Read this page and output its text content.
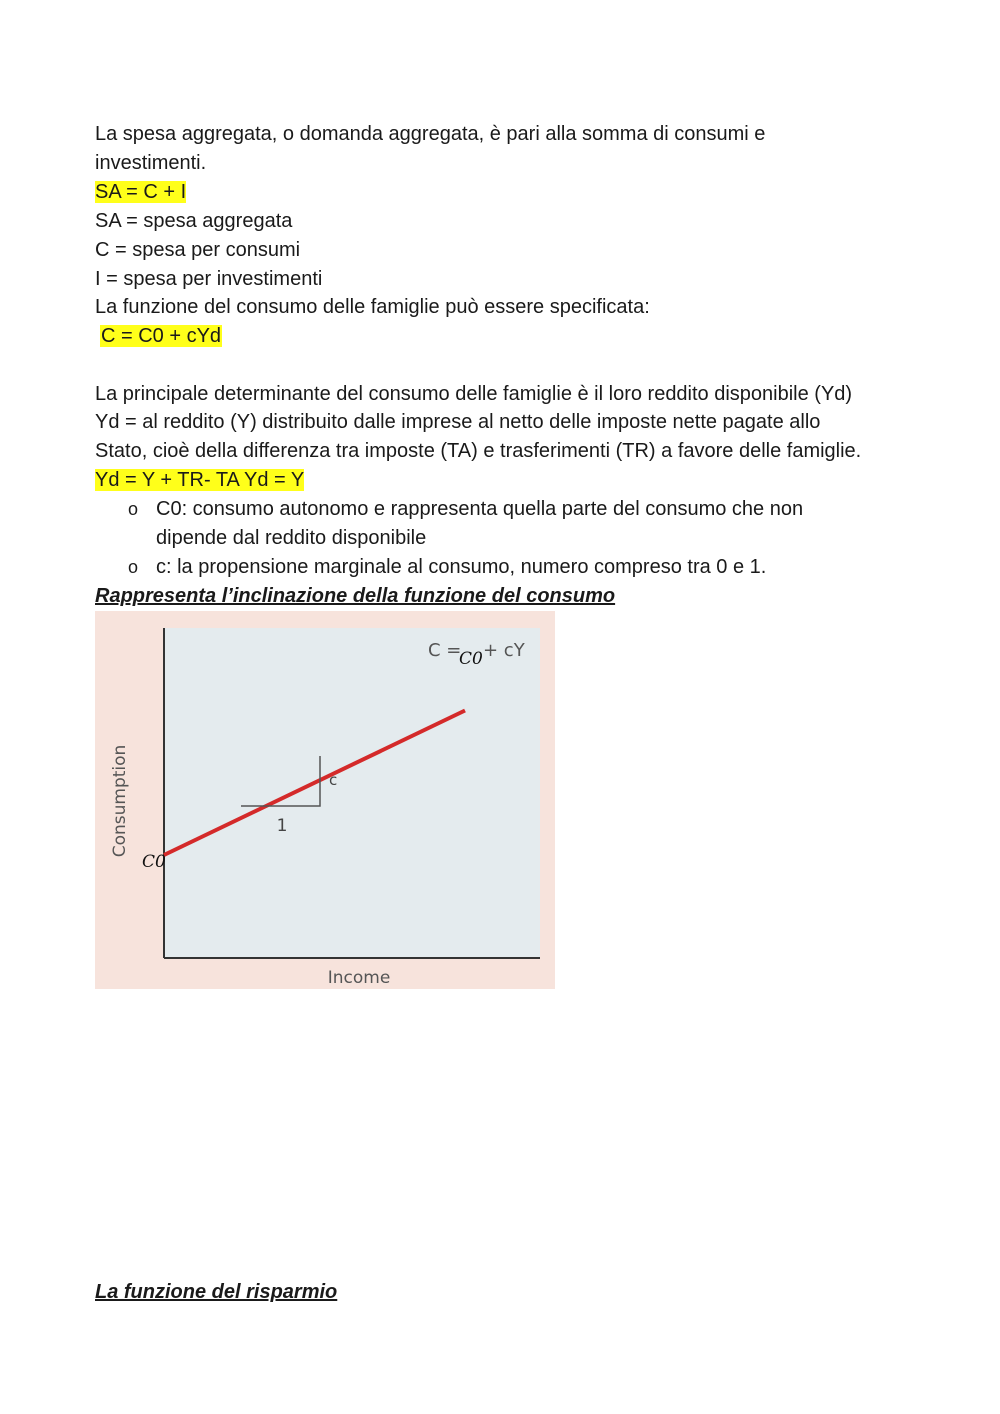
La spesa aggregata, o domanda aggregata, è pari alla somma di consumi e

investimenti.

SA = C + I

SA = spesa aggregata

C = spesa per consumi

I = spesa per investimenti

La funzione del consumo delle famiglie può essere specificata:

C = C0 + cYd

La principale determinante del consumo delle famiglie è il loro reddito disponibile (Yd)

Yd = al reddito (Y) distribuito dalle imprese al netto delle imposte nette pagate allo

Stato, cioè della differenza tra imposte (TA) e trasferimenti (TR) a favore delle famiglie.

Yd = Y + TR- TA Yd = Y

o C0: consumo autonomo e rappresenta quella parte del consumo che non
dipende dal reddito disponibile
o c: la propensione marginale al consumo, numero compreso tra 0 e 1.
Rappresenta l’inclinazione della funzione del consumo
1
c
Consumption
Income
C = + cY
C0
C0
La funzione del risparmio
